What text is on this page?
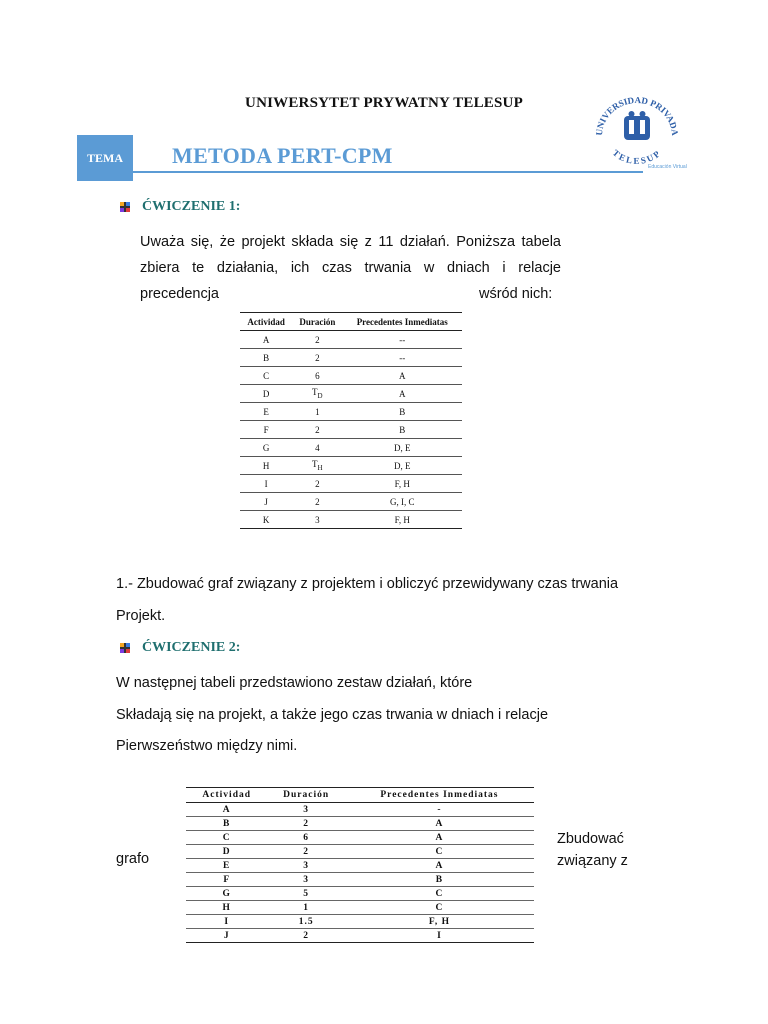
UNIWERSYTET PRYWATNY TELESUP
UNIVERSIDAD PRIVADA
TELESUP
Educación Virtual
TEMA	METODA PERT-CPM
ĆWICZENIE 1:
Uważa się, że projekt składa się z 11 działań. Poniższa tabela
zbiera te działania, ich czas trwania w dniach i relacje
precedencja	wśród nich:
Actividad	Duración	Precedentes Inmediatas
A	2	--
B	2	--
C	6	A
D	$T_D$	A
E	1	B
F	2	B
G	4	D, E
H	$T_H$	D, E
I	2	F, H
J	2	G, I, C
K	3	F, H
1.- Zbudować graf związany z projektem i obliczyć przewidywany czas trwania
Projekt.
ĆWICZENIE 2:
W następnej tabeli przedstawiono zestaw działań, które
Składają się na projekt, a także jego czas trwania w dniach i relacje
Pierwszeństwo między nimi.
Actividad	Duración	Precedentes Inmediatas
A	3	-
B	2	A
C	6	A
D	2	C
E	3	A
F	3	B
G	5	C
H	1	C
I	1.5	F, H
J	2	I
grafo
Zbudować
związany z
